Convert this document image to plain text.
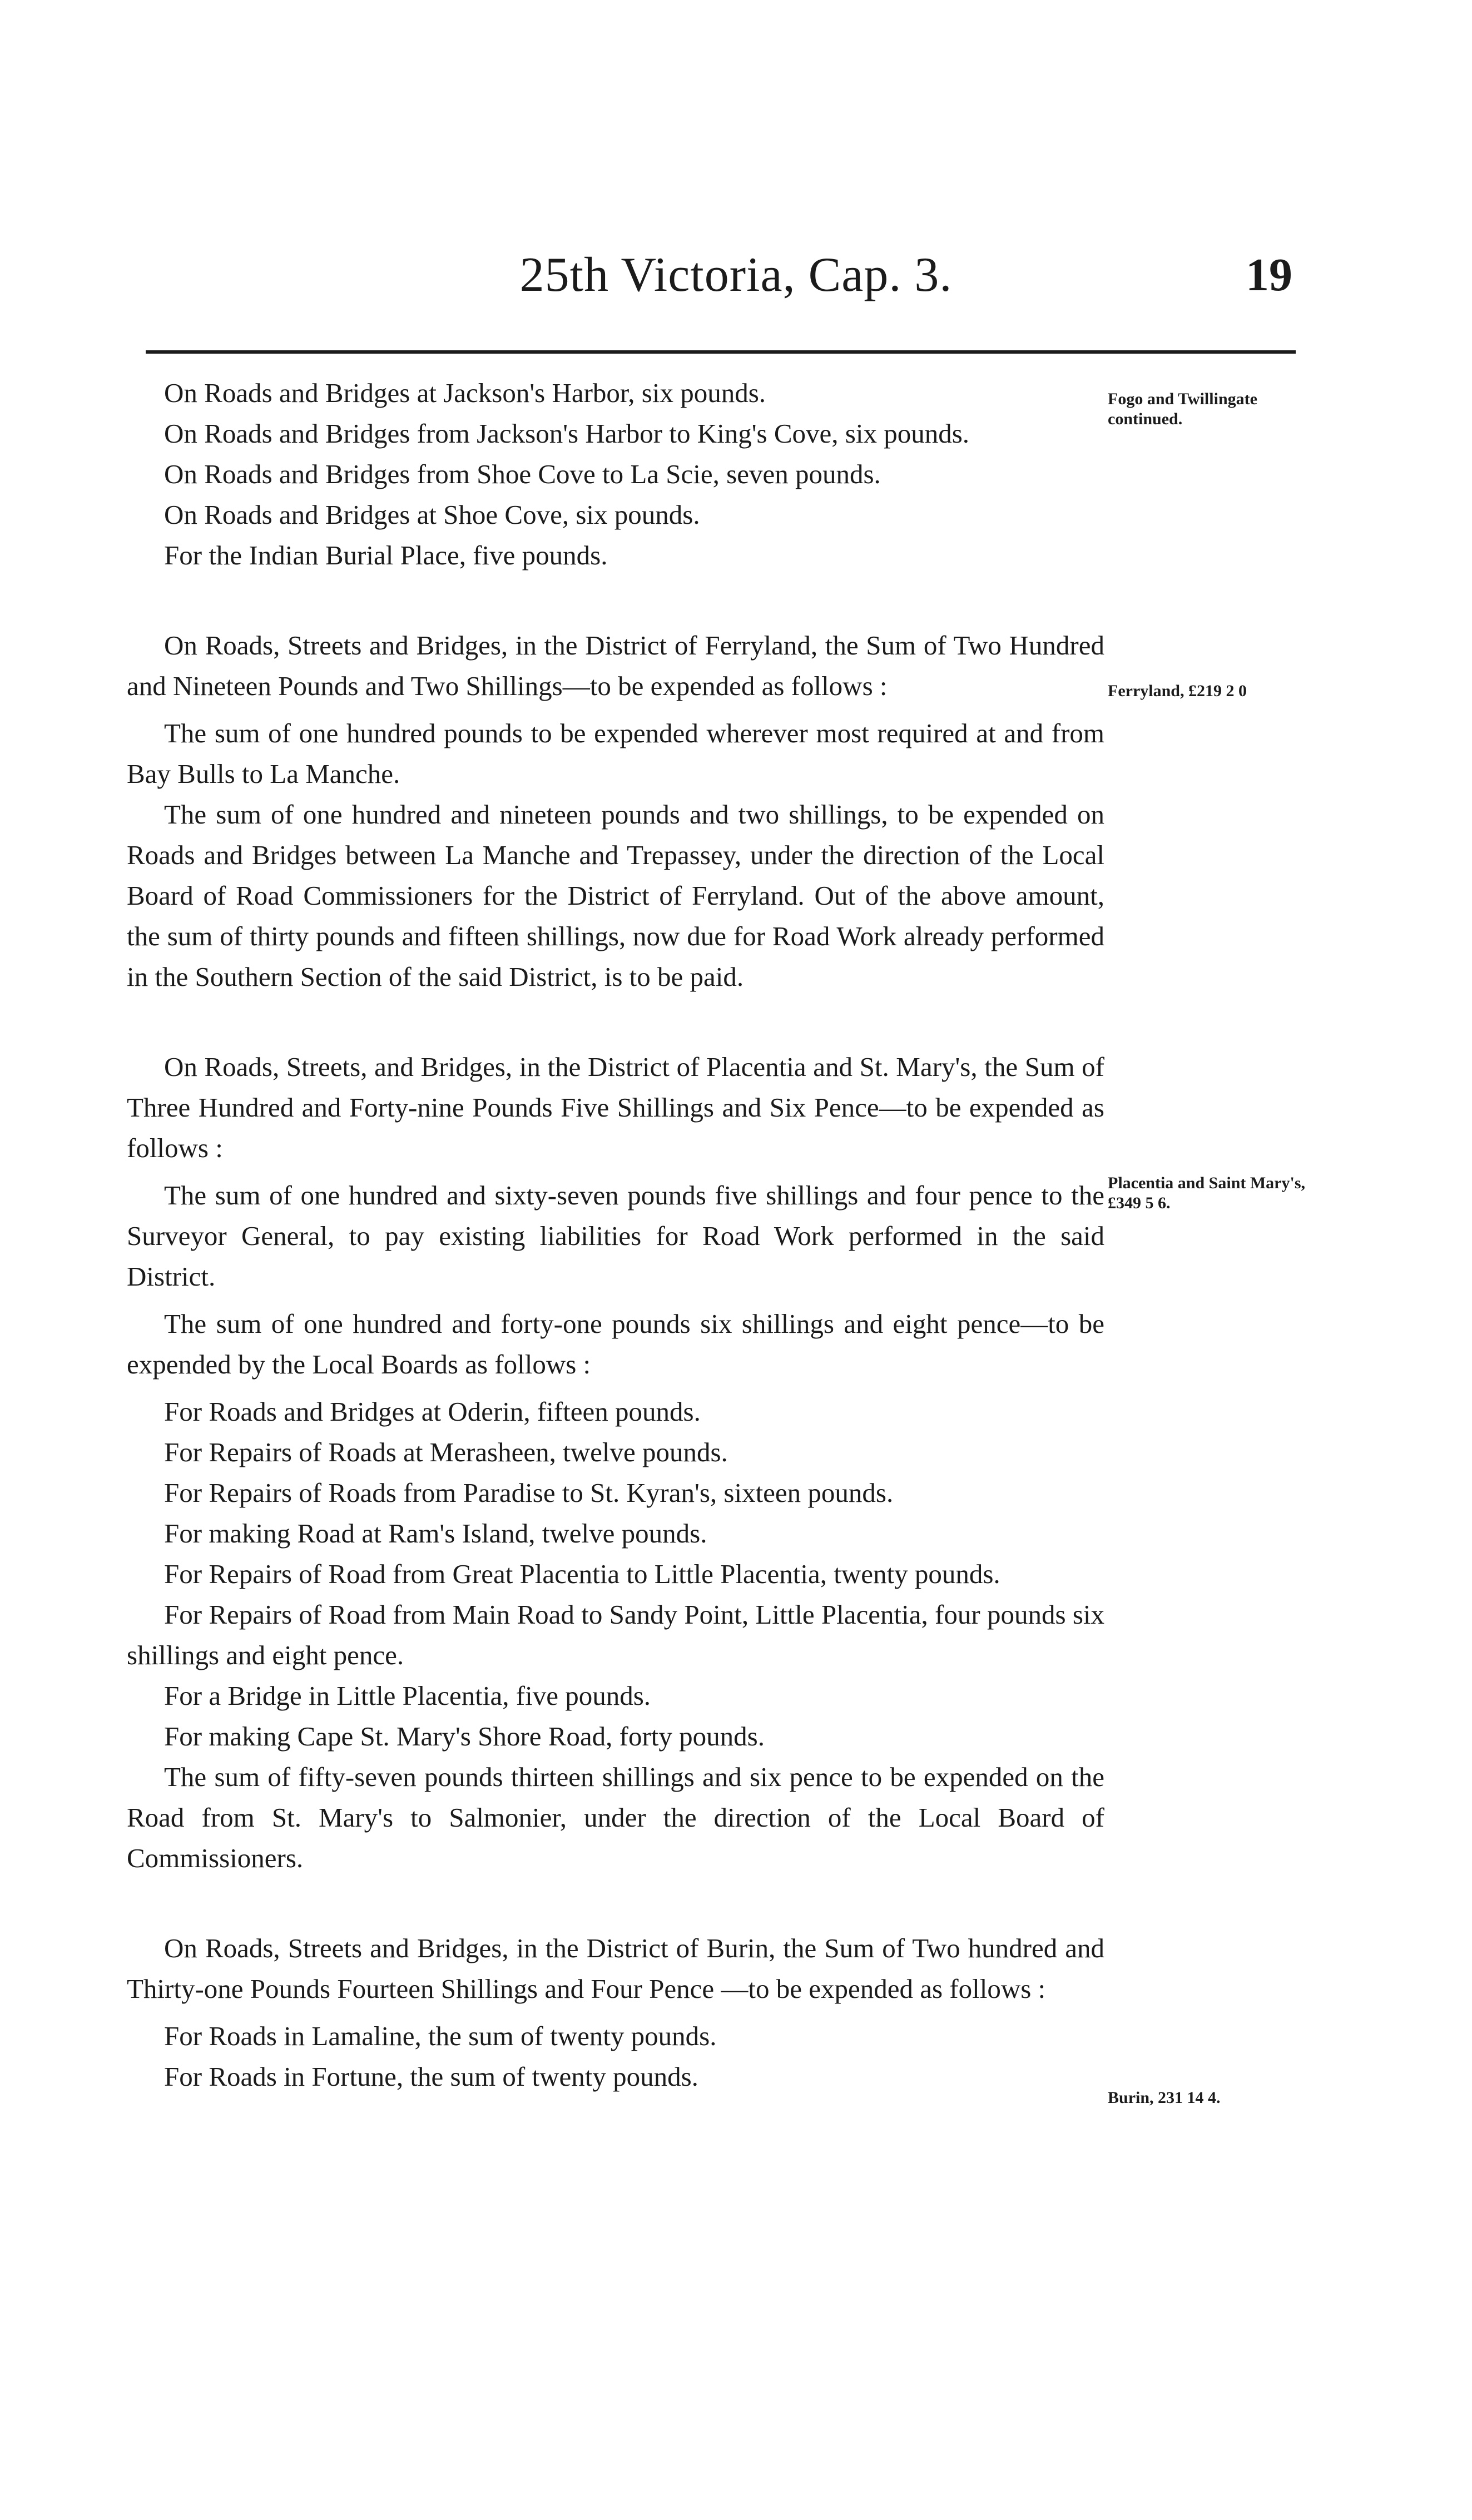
25th Victoria, Cap. 3.	19
Fogo and Twillingate continued.
Ferryland, £219 2 0
Placentia and Saint Mary's, £349 5 6.
Burin, 231 14 4.

On Roads and Bridges at Jackson's Harbor, six pounds.

On Roads and Bridges from Jackson's Harbor to King's Cove, six pounds.

On Roads and Bridges from Shoe Cove to La Scie, seven pounds.

On Roads and Bridges at Shoe Cove, six pounds.

For the Indian Burial Place, five pounds.

On Roads, Streets and Bridges, in the District of Ferryland, the Sum of Two Hundred and Nineteen Pounds and Two Shillings—to be expended as follows :

The sum of one hundred pounds to be expended wherever most required at and from Bay Bulls to La Manche.

The sum of one hundred and nineteen pounds and two shillings, to be expended on Roads and Bridges between La Manche and Trepassey, under the direction of the Local Board of Road Commissioners for the District of Ferryland. Out of the above amount, the sum of thirty pounds and fifteen shillings, now due for Road Work already performed in the Southern Section of the said District, is to be paid.

On Roads, Streets, and Bridges, in the District of Placentia and St. Mary's, the Sum of Three Hundred and Forty-nine Pounds Five Shillings and Six Pence—to be expended as follows :

The sum of one hundred and sixty-seven pounds five shillings and four pence to the Surveyor General, to pay existing liabilities for Road Work performed in the said District.

The sum of one hundred and forty-one pounds six shillings and eight pence—to be expended by the Local Boards as follows :

For Roads and Bridges at Oderin, fifteen pounds.

For Repairs of Roads at Merasheen, twelve pounds.

For Repairs of Roads from Paradise to St. Kyran's, sixteen pounds.

For making Road at Ram's Island, twelve pounds.

For Repairs of Road from Great Placentia to Little Placentia, twenty pounds.

For Repairs of Road from Main Road to Sandy Point, Little Placentia, four pounds six shillings and eight pence.

For a Bridge in Little Placentia, five pounds.

For making Cape St. Mary's Shore Road, forty pounds.

The sum of fifty-seven pounds thirteen shillings and six pence to be expended on the Road from St. Mary's to Salmonier, under the direction of the Local Board of Commissioners.

On Roads, Streets and Bridges, in the District of Burin, the Sum of Two hundred and Thirty-one Pounds Fourteen Shillings and Four Pence —to be expended as follows :

For Roads in Lamaline, the sum of twenty pounds.

For Roads in Fortune, the sum of twenty pounds.
